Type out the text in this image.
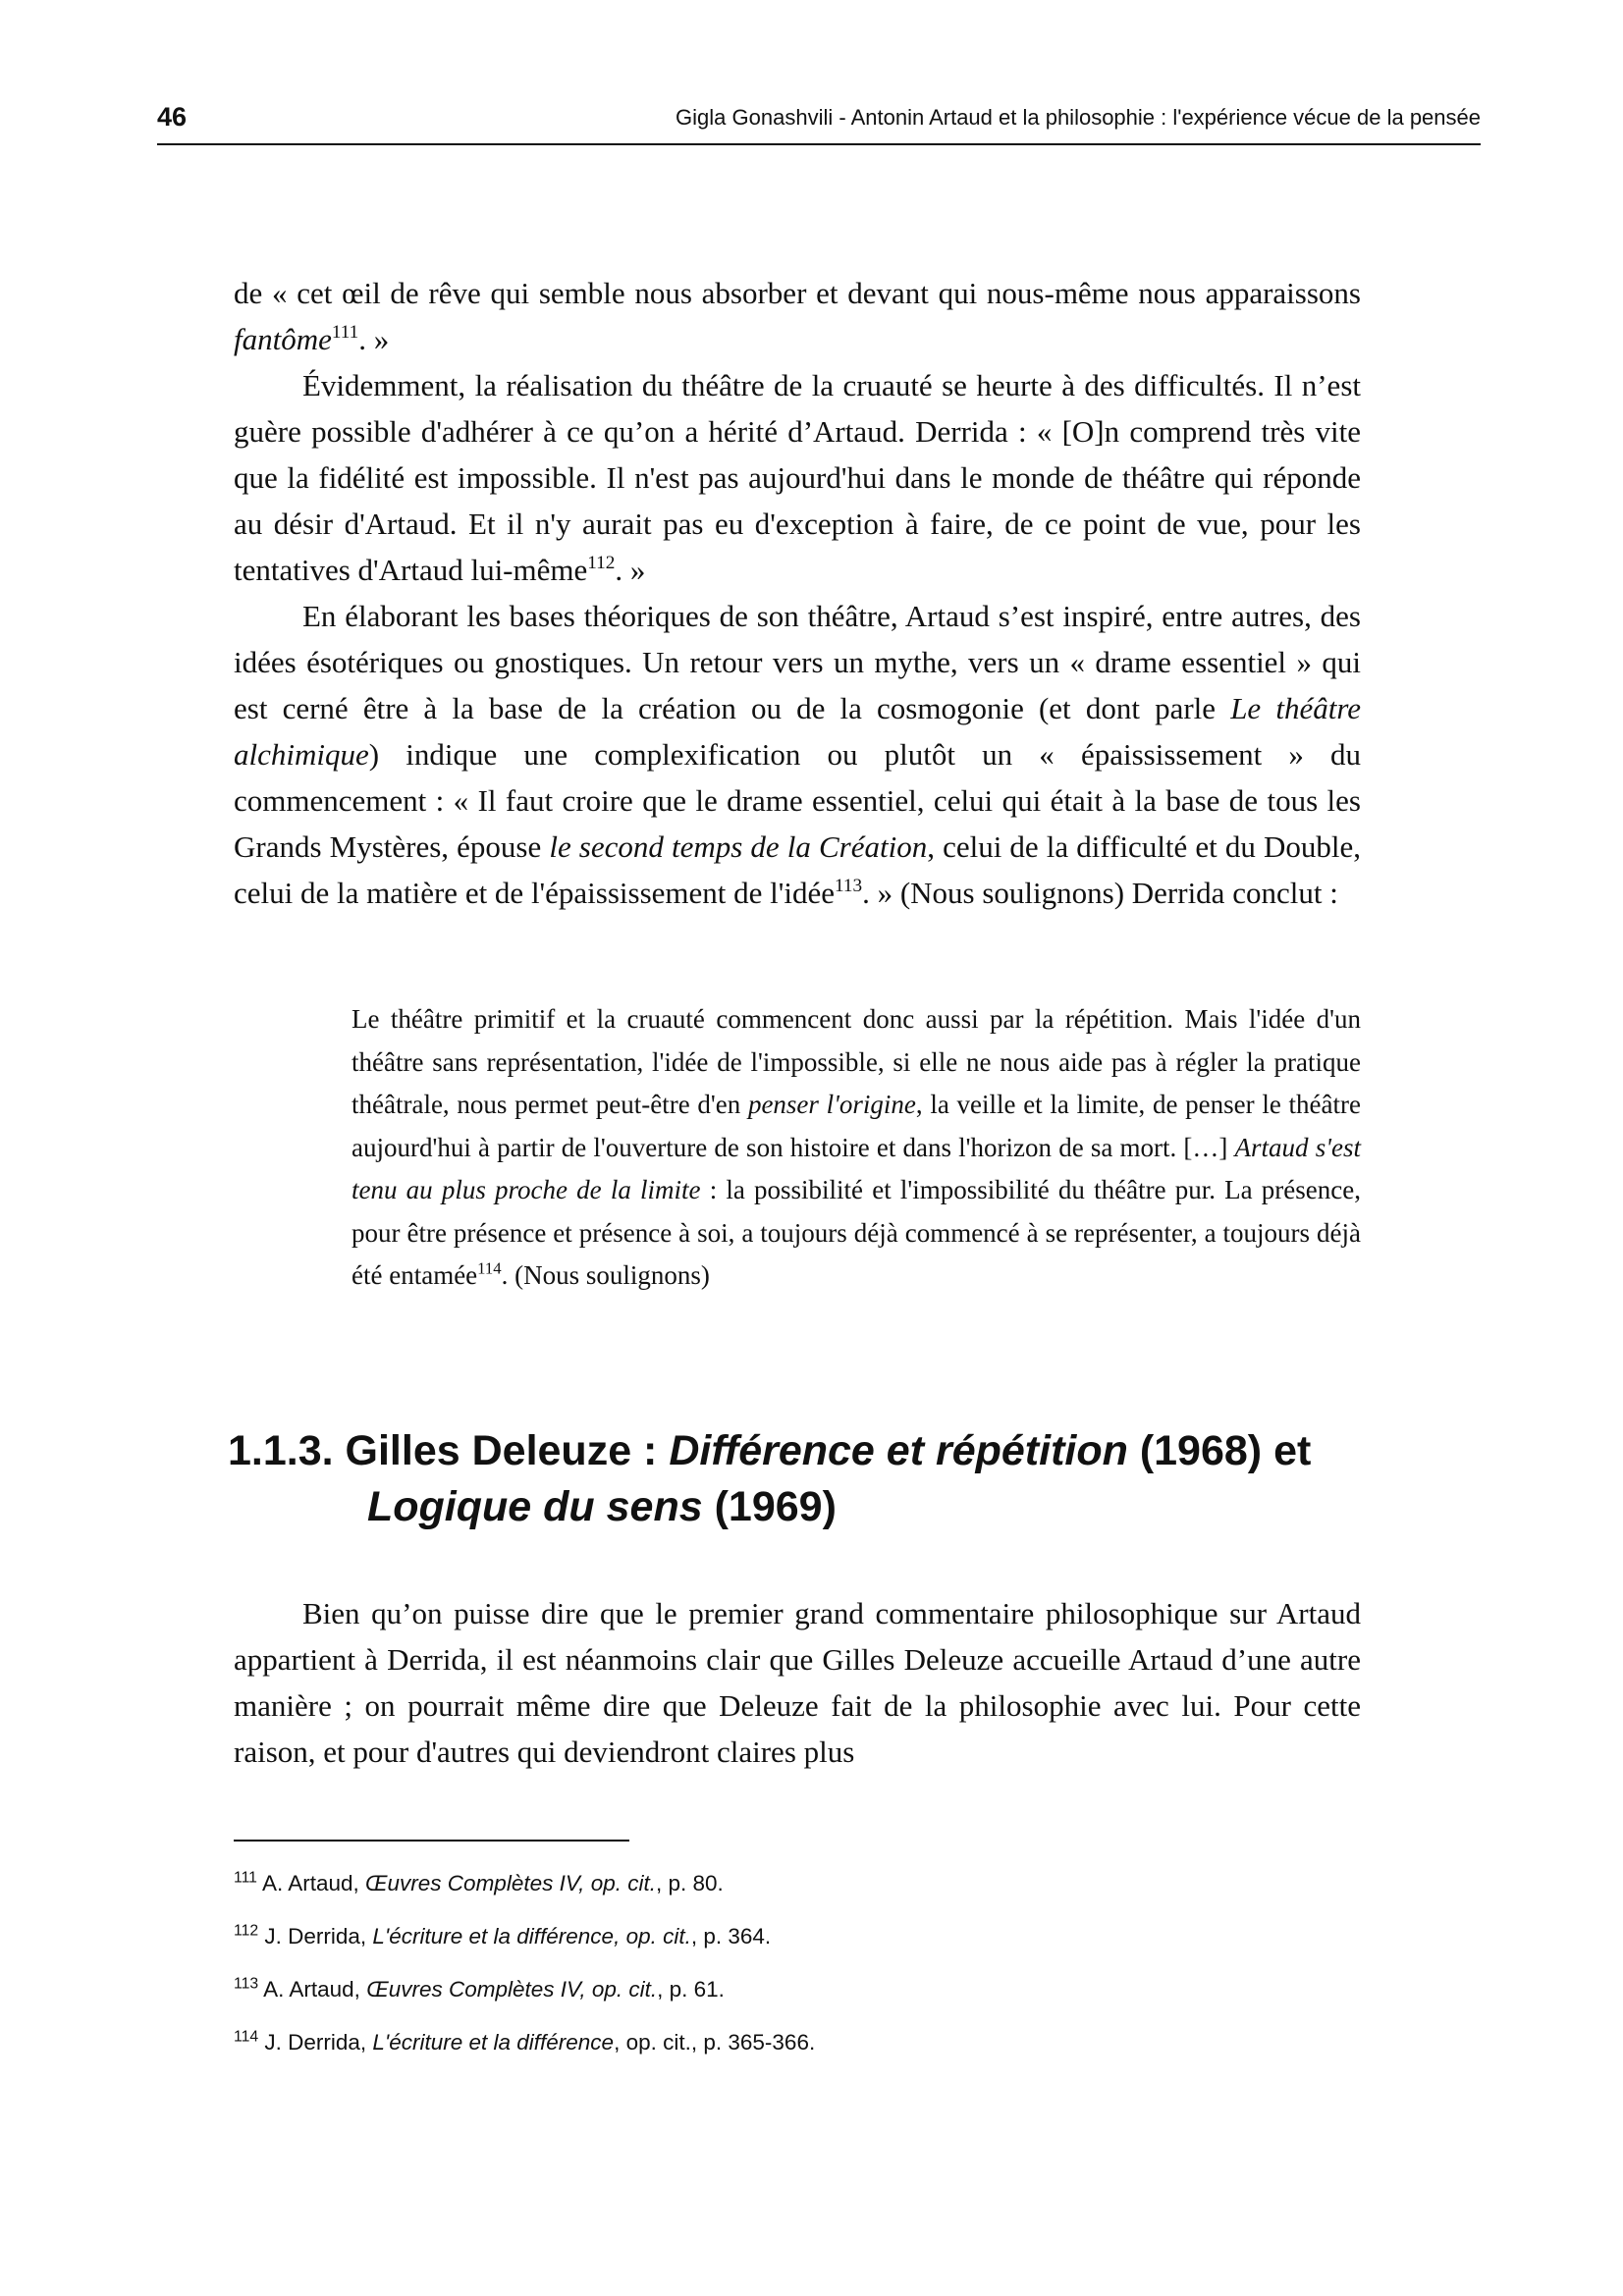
46	Gigla Gonashvili - Antonin Artaud et la philosophie : l'expérience vécue de la pensée

de « cet œil de rêve qui semble nous absorber et devant qui nous-même nous apparaissons fantôme$^{111}$. »

Évidemment, la réalisation du théâtre de la cruauté se heurte à des difficultés. Il n’est guère possible d'adhérer à ce qu’on a hérité d’Artaud. Derrida : « [O]n comprend très vite que la fidélité est impossible. Il n'est pas aujourd'hui dans le monde de théâtre qui réponde au désir d'Artaud. Et il n'y aurait pas eu d'exception à faire, de ce point de vue, pour les tentatives d'Artaud lui-même$^{112}$. »

En élaborant les bases théoriques de son théâtre, Artaud s’est inspiré, entre autres, des idées ésotériques ou gnostiques. Un retour vers un mythe, vers un « drame essentiel » qui est cerné être à la base de la création ou de la cosmogonie (et dont parle Le théâtre alchimique) indique une complexification ou plutôt un « épaississement » du commencement : « Il faut croire que le drame essentiel, celui qui était à la base de tous les Grands Mystères, épouse le second temps de la Création, celui de la difficulté et du Double, celui de la matière et de l'épaississement de l'idée$^{113}$. » (Nous soulignons) Derrida conclut :

Le théâtre primitif et la cruauté commencent donc aussi par la répétition. Mais l'idée d'un théâtre sans représentation, l'idée de l'impossible, si elle ne nous aide pas à régler la pratique théâtrale, nous permet peut-être d'en penser l'origine, la veille et la limite, de penser le théâtre aujourd'hui à partir de l'ouverture de son histoire et dans l'horizon de sa mort. […] Artaud s'est tenu au plus proche de la limite : la possibilité et l'impossibilité du théâtre pur. La présence, pour être présence et présence à soi, a toujours déjà commencé à se représenter, a toujours déjà été entamée$^{114}$. (Nous soulignons)

1.1.3. Gilles Deleuze : Différence et répétition (1968) et
Logique du sens (1969)

Bien qu’on puisse dire que le premier grand commentaire philosophique sur Artaud appartient à Derrida, il est néanmoins clair que Gilles Deleuze accueille Artaud d’une autre manière ; on pourrait même dire que Deleuze fait de la philosophie avec lui. Pour cette raison, et pour d'autres qui deviendront claires plus

$^{111}$ A. Artaud, Œuvres Complètes IV, op. cit., p. 80.
$^{112}$ J. Derrida, L'écriture et la différence, op. cit., p. 364.
$^{113}$ A. Artaud, Œuvres Complètes IV, op. cit., p. 61.
$^{114}$ J. Derrida, L'écriture et la différence, op. cit., p. 365-366.
